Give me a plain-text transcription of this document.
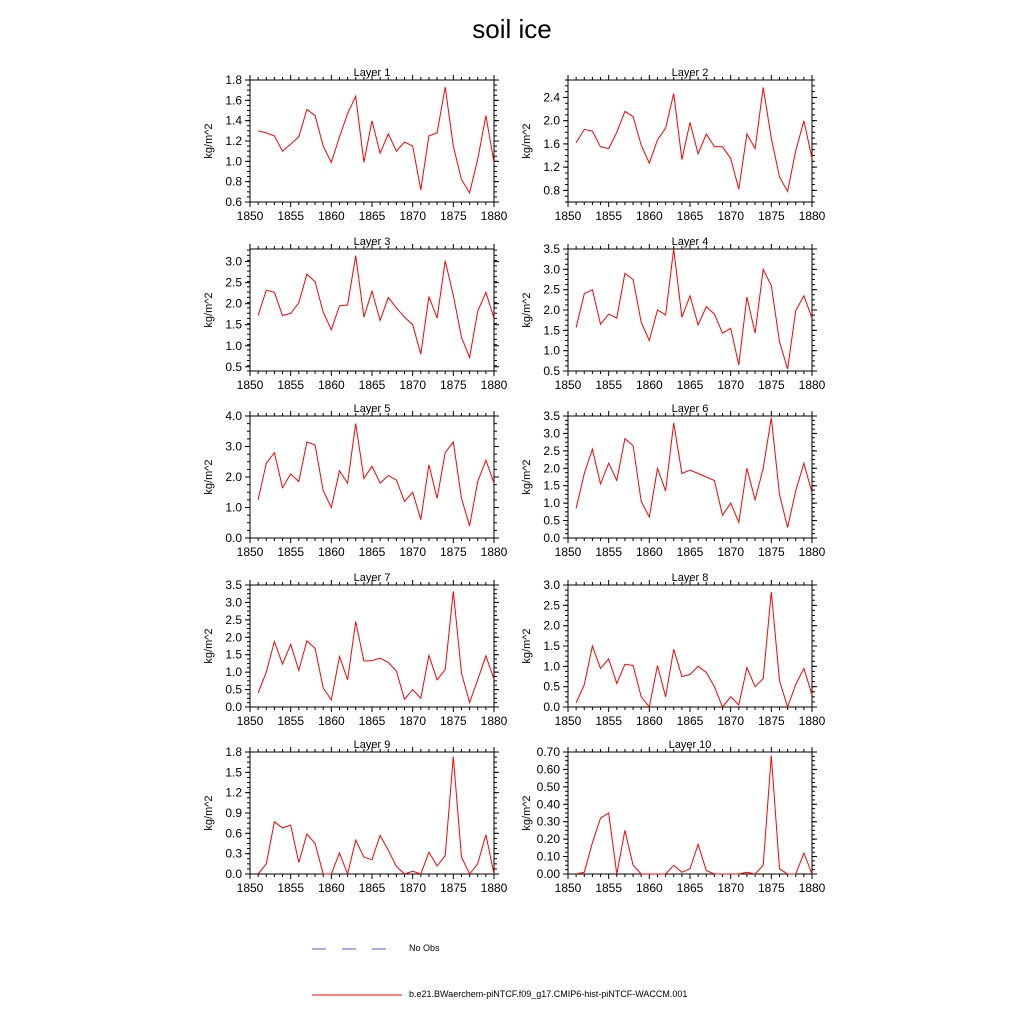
soil ice
Layer 1
kg/m^2
1850 1855 1860 1865 1870 1875 1880
0.6
0.8
1.0
1.2
1.4
1.6
1.8	Layer 2
kg/m^2
1850 1855 1860 1865 1870 1875 1880
0.8
1.2
1.6
2.0
2.4
Layer 3
kg/m^2
1850 1855 1860 1865 1870 1875 1880
0.5
1.0
1.5
2.0
2.5
3.0
Layer 4
kg/m^2
1850 1855 1860 1865 1870 1875 1880
0.5
1.0
1.5
2.0
2.5
3.0
3.5
Layer 5
kg/m^2
1850 1855 1860 1865 1870 1875 1880
0.0
1.0
2.0
3.0
4.0	Layer 6
kg/m^2
1850 1855 1860 1865 1870 1875 1880
0.0
0.5
1.0
1.5
2.0
2.5
3.0
3.5
Layer 7
kg/m^2
1850 1855 1860 1865 1870 1875 1880
0.0
0.5
1.0
1.5
2.0
2.5
3.0
3.5	Layer 8
kg/m^2
1850 1855 1860 1865 1870 1875 1880
0.0
0.5
1.0
1.5
2.0
2.5
3.0
Layer 9
kg/m^2
1850 1855 1860 1865 1870 1875 1880
0.0
0.3
0.6
0.9
1.2
1.5
1.8	Layer 10
kg/m^2
1850 1855 1860 1865 1870 1875 1880
0.00
0.10
0.20
0.30
0.40
0.50
0.60
0.70
No Obs
b.e21.BWaerchem-piNTCF.f09_g17.CMIP6-hist-piNTCF-WACCM.001
